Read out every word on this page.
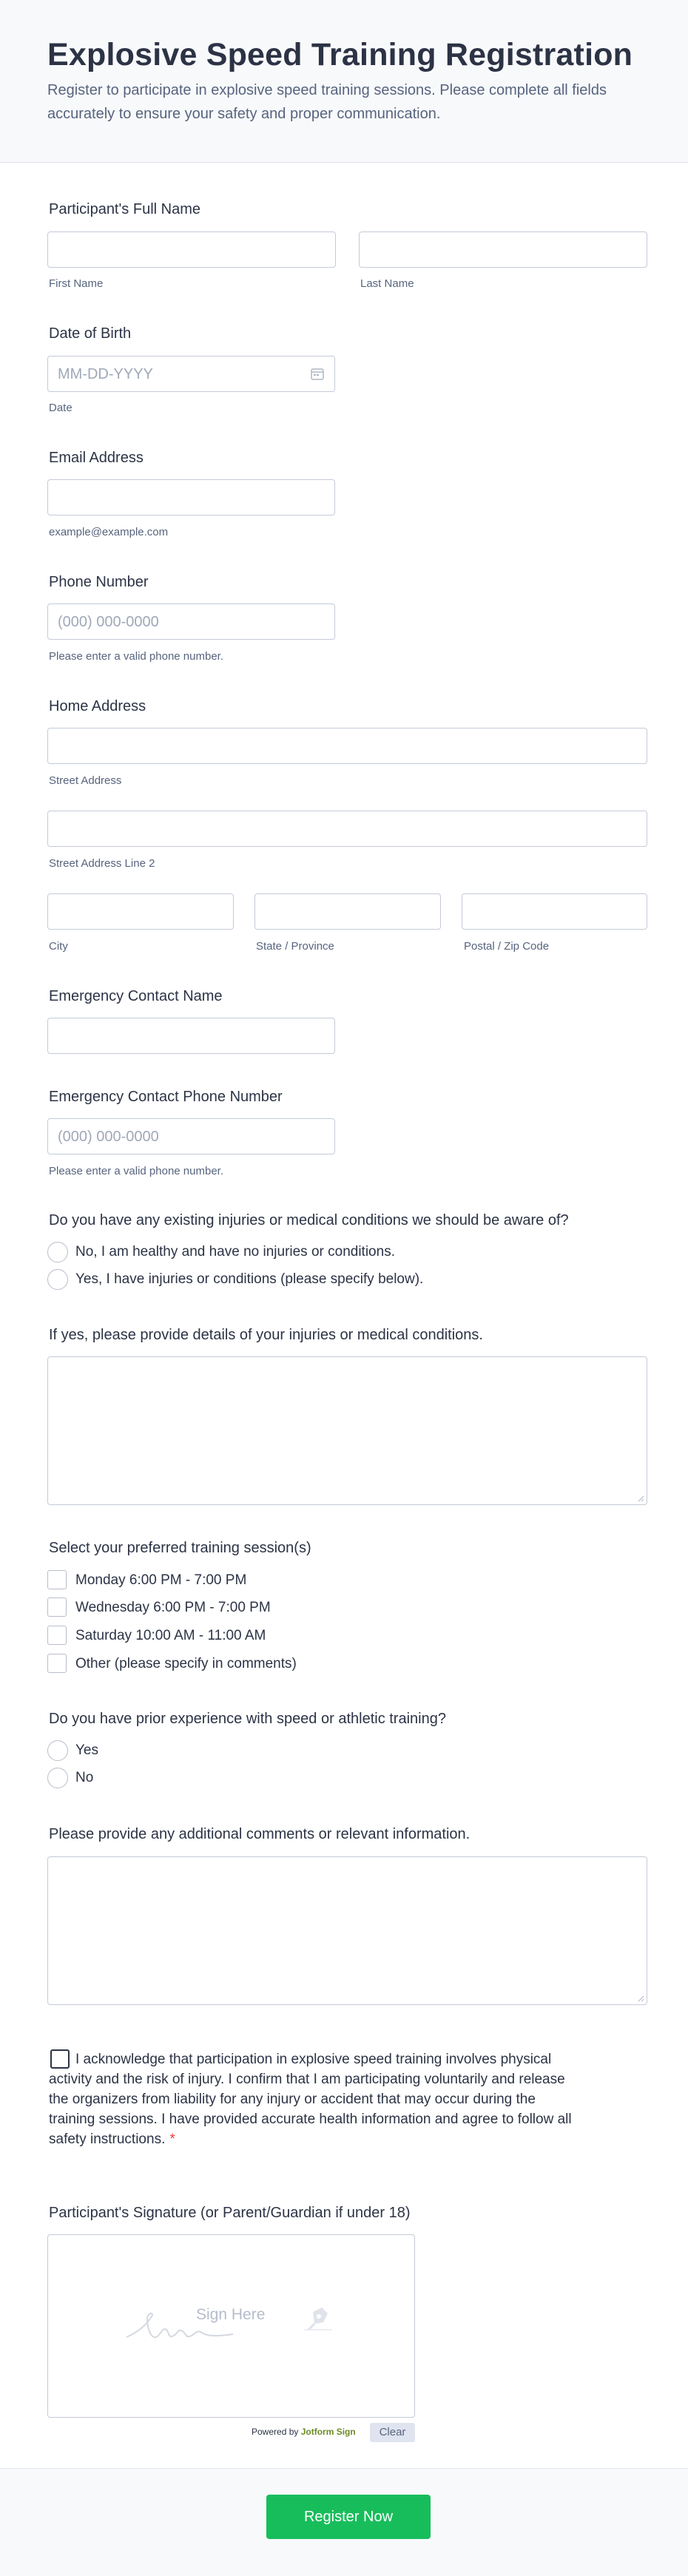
Explosive Speed Training Registration

Register to participate in explosive speed training sessions. Please complete all fields accurately to ensure your safety and proper communication.

Participant's Full Name
First Name	Last Name
Date of Birth
MM-DD-YYYY
Date
Email Address
example@example.com
Phone Number
(000) 000-0000
Please enter a valid phone number.
Home Address
Street Address
Street Address Line 2
City	State / Province	Postal / Zip Code
Emergency Contact Name
Emergency Contact Phone Number
(000) 000-0000
Please enter a valid phone number.
Do you have any existing injuries or medical conditions we should be aware of?
No, I am healthy and have no injuries or conditions.
Yes, I have injuries or conditions (please specify below).
If yes, please provide details of your injuries or medical conditions.
Select your preferred training session(s)
Monday 6:00 PM - 7:00 PM
Wednesday 6:00 PM - 7:00 PM
Saturday 10:00 AM - 11:00 AM
Other (please specify in comments)
Do you have prior experience with speed or athletic training?
Yes
No
Please provide any additional comments or relevant information.
I acknowledge that participation in explosive speed training involves physical activity and the risk of injury. I confirm that I am participating voluntarily and release the organizers from liability for any injury or accident that may occur during the training sessions. I have provided accurate health information and agree to follow all safety instructions. *
Participant's Signature (or Parent/Guardian if under 18)
Sign Here
Powered by Jotform Sign	Clear
Register Now
